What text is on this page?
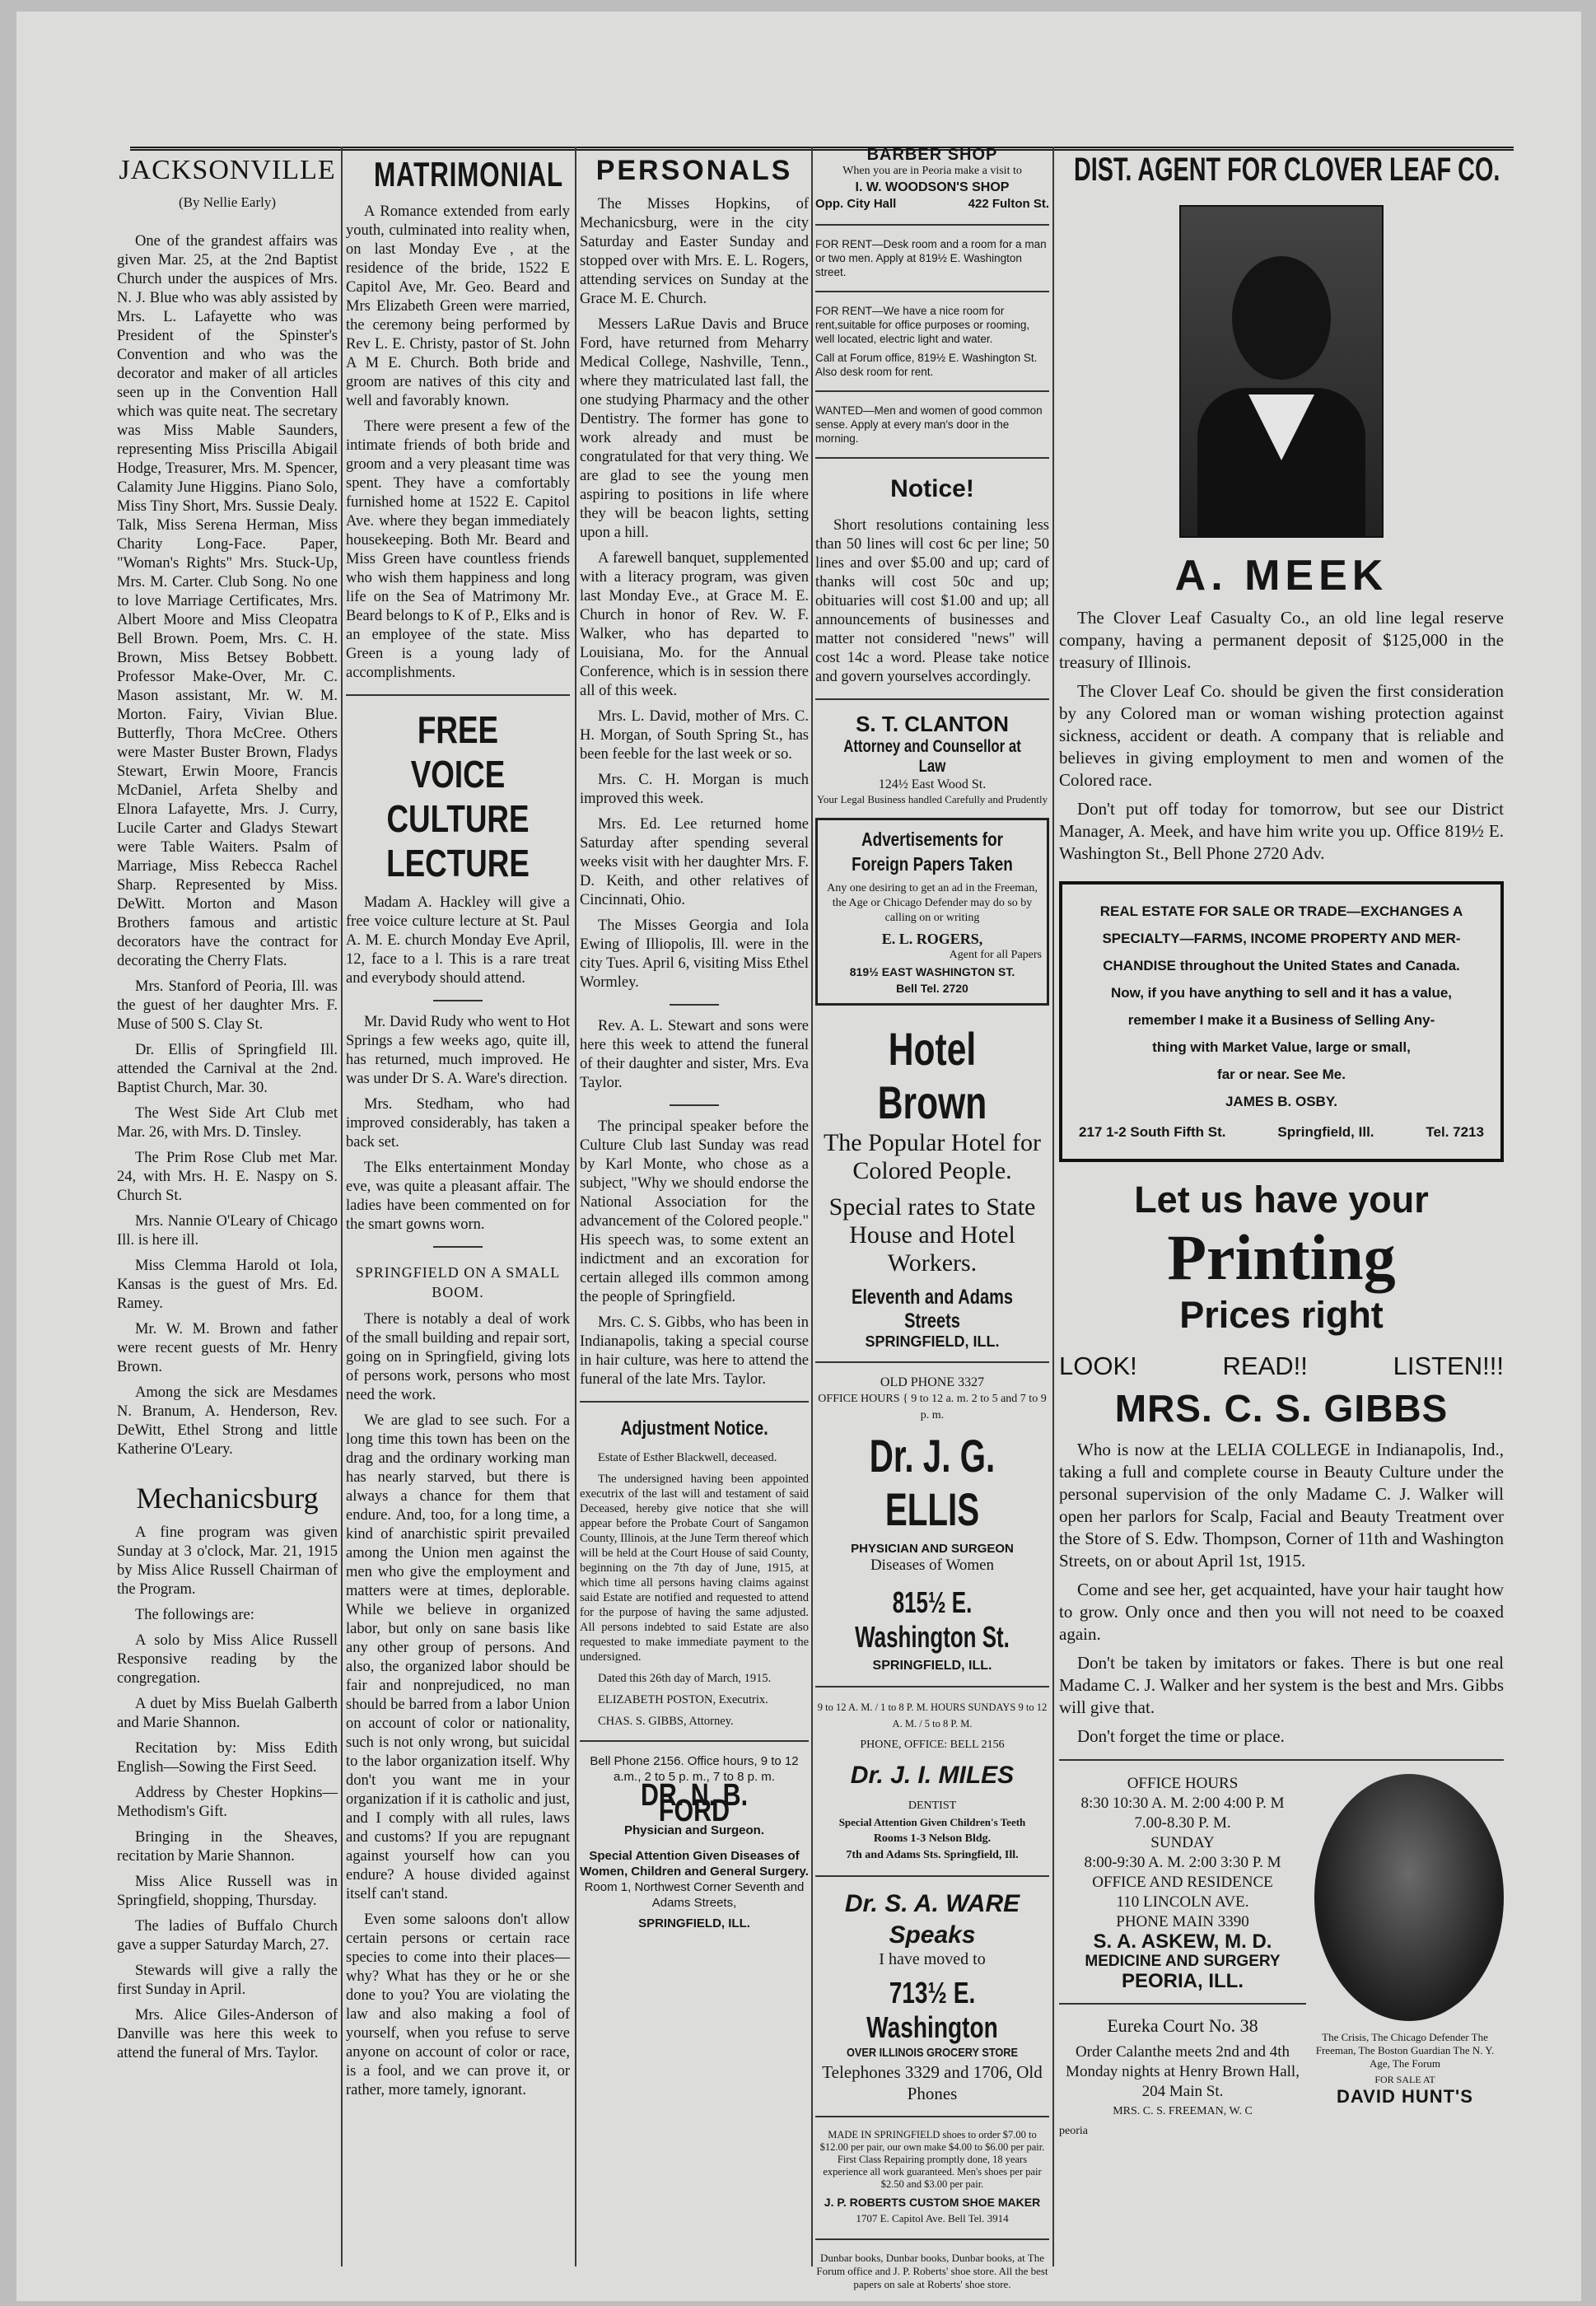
JACKSONVILLE
(By Nellie Early)

One of the grandest affairs was given Mar. 25, at the 2nd Baptist Church under the auspices of Mrs. N. J. Blue who was ably assisted by Mrs. L. Lafayette who was President of the Spinster's Convention and who was the decorator and maker of all articles seen up in the Convention Hall which was quite neat. The secretary was Miss Mable Saunders, representing Miss Priscilla Abigail Hodge, Treasurer, Mrs. M. Spencer, Calamity June Higgins. Piano Solo, Miss Tiny Short, Mrs. Sussie Dealy. Talk, Miss Serena Herman, Miss Charity Long-Face. Paper, "Woman's Rights" Mrs. Stuck-Up, Mrs. M. Carter. Club Song. No one to love Marriage Certificates, Mrs. Albert Moore and Miss Cleopatra Bell Brown. Poem, Mrs. C. H. Brown, Miss Betsey Bobbett. Professor Make-Over, Mr. C. Mason assistant, Mr. W. M. Morton. Fairy, Vivian Blue. Butterfly, Thora McCree. Others were Master Buster Brown, Fladys Stewart, Erwin Moore, Francis McDaniel, Arfeta Shelby and Elnora Lafayette, Mrs. J. Curry, Lucile Carter and Gladys Stewart were Table Waiters. Psalm of Marriage, Miss Rebecca Rachel Sharp. Represented by Miss. DeWitt. Morton and Mason Brothers famous and artistic decorators have the contract for decorating the Cherry Flats.

Mrs. Stanford of Peoria, Ill. was the guest of her daughter Mrs. F. Muse of 500 S. Clay St.

Dr. Ellis of Springfield Ill. attended the Carnival at the 2nd. Baptist Church, Mar. 30.

The West Side Art Club met Mar. 26, with Mrs. D. Tinsley.

The Prim Rose Club met Mar. 24, with Mrs. H. E. Naspy on S. Church St.

Mrs. Nannie O'Leary of Chicago Ill. is here ill.

Miss Clemma Harold ot Iola, Kansas is the guest of Mrs. Ed. Ramey.

Mr. W. M. Brown and father were recent guests of Mr. Henry Brown.

Among the sick are Mesdames N. Branum, A. Henderson, Rev. DeWitt, Ethel Strong and little Katherine O'Leary.

Mechanicsburg

A fine program was given Sunday at 3 o'clock, Mar. 21, 1915 by Miss Alice Russell Chairman of the Program.

The followings are:

A solo by Miss Alice Russell Responsive reading by the congregation.

A duet by Miss Buelah Galberth and Marie Shannon.

Recitation by: Miss Edith English—Sowing the First Seed.

Address by Chester Hopkins—Methodism's Gift.

Bringing in the Sheaves, recitation by Marie Shannon.

Miss Alice Russell was in Springfield, shopping, Thursday.

The ladies of Buffalo Church gave a supper Saturday March, 27.

Stewards will give a rally the first Sunday in April.

Mrs. Alice Giles-Anderson of Danville was here this week to attend the funeral of Mrs. Taylor.

MATRIMONIAL

A Romance extended from early youth, culminated into reality when, on last Monday Eve , at the residence of the bride, 1522 E Capitol Ave, Mr. Geo. Beard and Mrs Elizabeth Green were married, the ceremony being performed by Rev L. E. Christy, pastor of St. John A M E. Church. Both bride and groom are natives of this city and well and favorably known.

There were present a few of the intimate friends of both bride and groom and a very pleasant time was spent. They have a comfortably furnished home at 1522 E. Capitol Ave. where they began immediately housekeeping. Both Mr. Beard and Miss Green have countless friends who wish them happiness and long life on the Sea of Matrimony Mr. Beard belongs to K of P., Elks and is an employee of the state. Miss Green is a young lady of accomplishments.

FREE VOICE CULTURE LECTURE

Madam A. Hackley will give a free voice culture lecture at St. Paul A. M. E. church Monday Eve April, 12, face to a l. This is a rare treat and everybody should attend.

Mr. David Rudy who went to Hot Springs a few weeks ago, quite ill, has returned, much improved. He was under Dr S. A. Ware's direction.

Mrs. Stedham, who had improved considerably, has taken a back set.

The Elks entertainment Monday eve, was quite a pleasant affair. The ladies have been commented on for the smart gowns worn.

SPRINGFIELD ON A SMALL BOOM.

There is notably a deal of work of the small building and repair sort, going on in Springfield, giving lots of persons work, persons who most need the work.

We are glad to see such. For a long time this town has been on the drag and the ordinary working man has nearly starved, but there is always a chance for them that endure. And, too, for a long time, a kind of anarchistic spirit prevailed among the Union men against the men who give the employment and matters were at times, deplorable. While we believe in organized labor, but only on sane basis like any other group of persons. And also, the organized labor should be fair and nonprejudiced, no man should be barred from a labor Union on account of color or nationality, such is not only wrong, but suicidal to the labor organization itself. Why don't you want me in your organization if it is catholic and just, and I comply with all rules, laws and customs? If you are repugnant against yourself how can you endure? A house divided against itself can't stand.

Even some saloons don't allow certain persons or certain race species to come into their places—why? What has they or he or she done to you? You are violating the law and also making a fool of yourself, when you refuse to serve anyone on account of color or race, is a fool, and we can prove it, or rather, more tamely, ignorant.

PERSONALS

The Misses Hopkins, of Mechanicsburg, were in the city Saturday and Easter Sunday and stopped over with Mrs. E. L. Rogers, attending services on Sunday at the Grace M. E. Church.

Messers LaRue Davis and Bruce Ford, have returned from Meharry Medical College, Nashville, Tenn., where they matriculated last fall, the one studying Pharmacy and the other Dentistry. The former has gone to work already and must be congratulated for that very thing. We are glad to see the young men aspiring to positions in life where they will be beacon lights, setting upon a hill.

A farewell banquet, supplemented with a literacy program, was given last Monday Eve., at Grace M. E. Church in honor of Rev. W. F. Walker, who has departed to Louisiana, Mo. for the Annual Conference, which is in session there all of this week.

Mrs. L. David, mother of Mrs. C. H. Morgan, of South Spring St., has been feeble for the last week or so.

Mrs. C. H. Morgan is much improved this week.

Mrs. Ed. Lee returned home Saturday after spending several weeks visit with her daughter Mrs. F. D. Keith, and other relatives of Cincinnati, Ohio.

The Misses Georgia and Iola Ewing of Illiopolis, Ill. were in the city Tues. April 6, visiting Miss Ethel Wormley.

Rev. A. L. Stewart and sons were here this week to attend the funeral of their daughter and sister, Mrs. Eva Taylor.

The principal speaker before the Culture Club last Sunday was read by Karl Monte, who chose as a subject, "Why we should endorse the National Association for the advancement of the Colored people." His speech was, to some extent an indictment and an excoration for certain alleged ills common among the people of Springfield.

Mrs. C. S. Gibbs, who has been in Indianapolis, taking a special course in hair culture, was here to attend the funeral of the late Mrs. Taylor.

Adjustment Notice.

Estate of Esther Blackwell, deceased.

The undersigned having been appointed executrix of the last will and testament of said Deceased, hereby give notice that she will appear before the Probate Court of Sangamon County, Illinois, at the June Term thereof which will be held at the Court House of said County, beginning on the 7th day of June, 1915, at which time all persons having claims against said Estate are notified and requested to attend for the purpose of having the same adjusted. All persons indebted to said Estate are also requested to make immediate payment to the undersigned.

Dated this 26th day of March, 1915.

ELIZABETH POSTON, Executrix.

CHAS. S. GIBBS, Attorney.

Bell Phone 2156. Office hours, 9 to 12 a.m., 2 to 5 p. m., 7 to 8 p. m.
DR. N. B. FORD
Physician and Surgeon.
Special Attention Given Diseases of Women, Children and General Surgery.
Room 1, Northwest Corner Seventh and Adams Streets,
SPRINGFIELD, ILL.
BARBER SHOP
When you are in Peoria make a visit to
I. W. WOODSON'S SHOP
Opp. City Hall	422 Fulton St.
FOR RENT—Desk room and a room for a man or two men. Apply at 819½ E. Washington street.
FOR RENT—We have a nice room for rent,suitable for office purposes or rooming, well located, electric light and water.
Call at Forum office, 819½ E. Washington St. Also desk room for rent.
WANTED—Men and women of good common sense. Apply at every man's door in the morning.
Notice!

Short resolutions containing less than 50 lines will cost 6c per line; 50 lines and over $5.00 and up; card of thanks will cost 50c and up; obituaries will cost $1.00 and up; all announcements of businesses and matter not considered "news" will cost 14c a word. Please take notice and govern yourselves accordingly.

S. T. CLANTON
Attorney and Counsellor at Law
124½ East Wood St.
Your Legal Business handled Carefully and Prudently
Advertisements for Foreign Papers Taken
Any one desiring to get an ad in the Freeman, the Age or Chicago Defender may do so by calling on or writing
E. L. ROGERS,
Agent for all Papers
819½ EAST WASHINGTON ST.
Bell Tel. 2720
Hotel Brown
The Popular Hotel for Colored People.
Special rates to State House and Hotel Workers.
Eleventh and Adams Streets
SPRINGFIELD, ILL.
OLD PHONE 3327
OFFICE HOURS { 9 to 12 a. m. 2 to 5 and 7 to 9 p. m.
Dr. J. G. ELLIS
PHYSICIAN AND SURGEON
Diseases of Women
815½ E. Washington St.
SPRINGFIELD, ILL.
9 to 12 A. M. / 1 to 8 P. M. HOURS SUNDAYS 9 to 12 A. M. / 5 to 8 P. M.
PHONE, OFFICE: BELL 2156
Dr. J. I. MILES
DENTIST
Special Attention Given Children's Teeth
Rooms 1-3 Nelson Bldg.
7th and Adams Sts. Springfield, Ill.
Dr. S. A. WARE
Speaks
I have moved to
713½ E. Washington
OVER ILLINOIS GROCERY STORE
Telephones 3329 and 1706, Old Phones
MADE IN SPRINGFIELD shoes to order $7.00 to $12.00 per pair, our own make $4.00 to $6.00 per pair. First Class Repairing promptly done, 18 years experience all work guaranteed. Men's shoes per pair $2.50 and $3.00 per pair.
J. P. ROBERTS CUSTOM SHOE MAKER
1707 E. Capitol Ave. Bell Tel. 3914
Dunbar books, Dunbar books, Dunbar books, at The Forum office and J. P. Roberts' shoe store. All the best papers on sale at Roberts' shoe store.
DIST. AGENT FOR CLOVER LEAF CO.
A. MEEK

The Clover Leaf Casualty Co., an old line legal reserve company, having a permanent deposit of $125,000 in the treasury of Illinois.

The Clover Leaf Co. should be given the first consideration by any Colored man or woman wishing protection against sickness, accident or death. A company that is reliable and believes in giving employment to men and women of the Colored race.

Don't put off today for tomorrow, but see our District Manager, A. Meek, and have him write you up. Office 819½ E. Washington St., Bell Phone 2720 Adv.

REAL ESTATE FOR SALE OR TRADE—EXCHANGES A
SPECIALTY—FARMS, INCOME PROPERTY AND MER-
CHANDISE throughout the United States and Canada.
Now, if you have anything to sell and it has a value,
remember I make it a Business of Selling Any-
thing with Market Value, large or small,
far or near. See Me.
JAMES B. OSBY.
217 1-2 South Fifth St.	Springfield, Ill.	Tel. 7213
Let us have your
Printing
Prices right
LOOK!	READ!!	LISTEN!!!
MRS. C. S. GIBBS

Who is now at the LELIA COLLEGE in Indianapolis, Ind., taking a full and complete course in Beauty Culture under the personal supervision of the only Madame C. J. Walker will open her parlors for Scalp, Facial and Beauty Treatment over the Store of S. Edw. Thompson, Corner of 11th and Washington Streets, on or about April 1st, 1915.

Come and see her, get acquainted, have your hair taught how to grow. Only once and then you will not need to be coaxed again.

Don't be taken by imitators or fakes. There is but one real Madame C. J. Walker and her system is the best and Mrs. Gibbs will give that.

Don't forget the time or place.

OFFICE HOURS
8:30 10:30 A. M. 2:00 4:00 P. M
7.00-8.30 P. M.
SUNDAY
8:00-9:30 A. M. 2:00 3:30 P. M
OFFICE AND RESIDENCE
110 LINCOLN AVE.
PHONE MAIN 3390
S. A. ASKEW, M. D.
MEDICINE AND SURGERY
PEORIA, ILL.
Eureka Court No. 38
Order Calanthe meets 2nd and 4th Monday nights at Henry Brown Hall, 204 Main St.
MRS. C. S. FREEMAN, W. C
peoria
The Crisis, The Chicago Defender The Freeman, The Boston Guardian The N. Y. Age, The Forum
FOR SALE AT
DAVID HUNT'S
